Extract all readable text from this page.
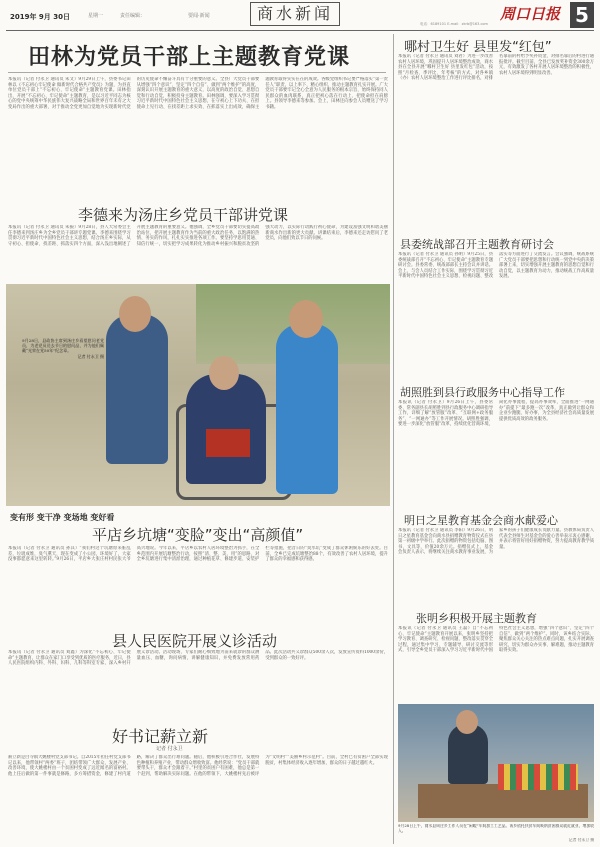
2019年 9月 30日	星期一	责任编辑：	要闻·新闻	商水新闻	周口日报 5
电话：6189101 E-mail：zkrb@163.com
田林为党员干部上主题教育党课
本报讯（记者 付永卫 通讯员 朱文）9月29日上午，县委书记田林以《不忘初心牢记使命 做新时代合格共产党员》为题，为县直单位党员干部上“不忘初心、牢记使命”主题教育党课。田林指出，开展“不忘初心、牢记使命”主题教育，是以习近平同志为核心的党中央统筹中华民族伟大复兴战略全局和世界百年未有之大变局作出的重大部署，对于推动全党更加自觉地为实现新时代党的历史使命不懈奋斗具有十分重要的意义。全县广大党员干部要从增强“四个意识”、坚定“四个自信”、做到“两个维护”的高度，深刻认识开展主题教育的重大意义，以高度的政治自觉、思想自觉和行动自觉，积极投身主题教育。田林强调，要深入学习贯彻习近平新时代中国特色社会主义思想，在守初心上下功夫、在担使命上见行动、在找差距上求实效、在抓落实上出成效，确保主题教育取得实实在在的成效。各级党组织书记要严格落实“第一责任人”职责，以上率下、精心组织，推动主题教育扎实开展。广大党员干部要牢记全心全意为人民服务的根本宗旨，始终保持同人民群众的血肉联系，真正把初心落在行动上、把使命担在肩膀上。县领导李德来等参加。会上，田林还向参会人员赠送了学习书籍。
李德来为汤庄乡党员干部讲党课
本报讯（记者 付永卫 通讯员 朱振）9月28日，县人大常委会主任李德来到汤庄乡为全乡党员干部讲专题党课。李德来围绕学习贯彻习近平新时代中国特色社会主义思想，结合汤庄乡实际，从守初心、担使命、找差距、抓落实四个方面，深入浅出地阐述了开展主题教育的重要意义。他强调，全乡党员干部要切实提高政治站位，把开展主题教育作为当前的重大政治任务，以饱满的热情、务实的作风，扎扎实实推进各项工作。要坚持学思用贯通、知信行统一，切实把学习成果转化为推动乡村振兴和脱贫攻坚的强大动力，以实际行动践行初心使命，为建设富强文明和谐美丽新商水作出新的更大贡献。讲课结束后，李德来还走访慰问了老党员，向他们致以节日的问候。
9月28日，县政协主席到汤庄乡看望慰问老党员，为老党员送去节日的慰问品，并为他们佩戴“光荣在党50年”纪念章。
记者 付永卫 摄
变有形 变干净 变场地 变好看
平店乡坑塘“变脸”变出“高颜值”
本报讯（记者 付永卫 通讯员 孙其）“我们村这个坑塘原来脏乱差，垃圾成堆，臭气熏天，现在变成了小公园，环境好了，大家没事都愿意来这里转转。”9月26日，平店乡大张庄村村民张大爷高兴地说。今年以来，平店乡以农村人居环境整治为抓手，在全乡范围内开展坑塘整治行动，按照“清、整、美、用”的思路，对全乡坑塘进行集中清淤治理，通过种植花草、修建步道、安装护栏等措施，把昔日的“臭水坑”变成了群众休闲娱乐的好去处。目前，全乡已完成坑塘整治88个，有效改善了农村人居环境，提升了群众的幸福感和获得感。
县人民医院开展义诊活动
本报讯（记者 付永卫 通讯员 刘鑫）为深化“不忘初心、牢记使命”主题教育，让群众在家门口享受到优质的医疗服务，近日，县人民医院组织内科、外科、妇科、儿科等科室专家，深入乡村开展义诊活动。活动现场，专家们耐心细致地为前来就诊的群众测量血压、血糖，询问病情，讲解健康知识，并免费发放常用药品。此次活动共义诊群众500余人次，发放宣传资料1000余份，受到群众的一致好评。
好书记薪立新
记者 付永卫
薪立新是白寺镇大姚楼村党支部书记。自2015年担任村党支部书记以来，他带领村“两委”班子，团结带领广大群众，发展产业、改善环境，使大姚楼村由一个贫困村变成了远近闻名的富裕村。他上任后做的第一件事就是修路，多方筹措资金，修建了村内道路，解决了群众出行难问题。随后，他积极引进合作社，发展特色种植和养殖产业，带动群众增收致富。他经常说：“党员干部就要带头干，群众才会跟着干。”村里的贫困户有困难，他总是第一个赶到，帮助解决实际问题。在他的带领下，大姚楼村先后被评为“文明村”“美丽乡村示范村”。目前，全村已有贫困户全部实现脱贫，村集体经济收入逐年增加，群众的日子越过越红火。
哪村卫生好 县里发“红包”
本报讯（记者 付永卫 通讯员 刘君）为进一步改善农村人居环境，巩固提升人居环境整治成效，商水县在全县开展“哪村卫生好 县里发红包”活动，按照“月检查、季评比、年考核”的方式，对各乡镇（办）农村人居环境整治工作进行评比排名，对排名靠前的村给予奖补资金，对排名靠后的村进行通报批评。截至目前，全县已发放奖补资金300余万元，有效激发了各村开展人居环境整治的积极性，农村人居环境得到明显改善。
县委统战部召开主题教育研讨会
本报讯（记者 付永卫 通讯员 孙明）9月25日，县委统战部召开“不忘初心、牢记使命”主题教育专题研讨会。县委常委、统战部部长主持会议并讲话。会上，与会人员结合工作实际，围绕学习贯彻习近平新时代中国特色社会主义思想、检视问题、整改落实等方面进行了交流发言。会议强调，统战系统广大党员干部要把思想和行动统一到党中央的决策部署上来，切实增强开展主题教育的思想自觉和行动自觉，以主题教育为动力，推动统战工作高质量发展。
胡照胜到县行政服务中心指导工作
本报讯（记者 付永卫）9月26日上午，县委常委、常务副县长胡照胜到县行政服务中心调研指导工作，详细了解“放管服”改革、“互联网+政务服务”、“一网通办”等工作开展情况。胡照胜强调，要进一步深化“放管服”改革，持续优化营商环境，简化办事流程，提高办事效率，全面推进“一网通办”前提下“最多跑一次”改革，真正做到让群众和企业少跑腿、好办事，为全县经济社会高质量发展提供优质高效的政务服务。
明日之星教育基金会商水献爱心
本报讯（记者 付永卫 通讯员 李阳）9月26日，明日之星教育基金会向商水县捐赠教育物资仪式在县第一初级中学举行。此次捐赠的物资包括电脑、图书、文具等，价值20余万元。捐赠仪式上，基金会负责人表示，将继续关注商水教育事业发展，为家乡的孩子们健康成长贡献力量。县教体局负责人代表全县师生对基金会的爱心善举表示衷心感谢，并表示将管好用好捐赠物资，努力提高教育教学质量。
张明乡积极开展主题教育
本报讯（记者 付永卫 通讯员 王磊）自“不忘初心、牢记使命”主题教育开展以来，张明乡坚持把学习教育、调查研究、检视问题、整改落实贯穿全过程，通过集中学习、专题辅导、研讨交流等形式，引导全乡党员干部深入学习习近平新时代中国特色社会主义思想，增强“四个意识”、坚定“四个自信”、做到“两个维护”。同时，该乡结合实际，聚焦群众关心关注的热点难点问题，扎实开展调查研究，切实为群众办实事、解难题，推动主题教育取得实效。
9月28日上午，商水县周庄乡工作人员在“闲暇”车间加工工艺品。该乡依托扶贫车间吸纳贫困群众就近就业，增加收入。
记者 付永卫 摄
